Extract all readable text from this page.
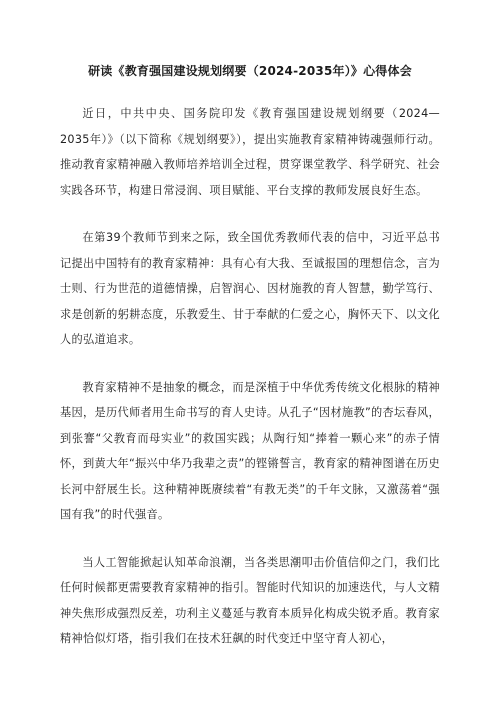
研读《教育强国建设规划纲要（2024-2035年）》心得体会

近日，中共中央、国务院印发《教育强国建设规划纲要（2024—2035年）》（以下简称《规划纲要》），提出实施教育家精神铸魂强师行动。推动教育家精神融入教师培养培训全过程，贯穿课堂教学、科学研究、社会实践各环节，构建日常浸润、项目赋能、平台支撑的教师发展良好生态。

在第39个教师节到来之际，致全国优秀教师代表的信中，习近平总书记提出中国特有的教育家精神：具有心有大我、至诚报国的理想信念，言为士则、行为世范的道德情操，启智润心、因材施教的育人智慧，勤学笃行、求是创新的躬耕态度，乐教爱生、甘于奉献的仁爱之心，胸怀天下、以文化人的弘道追求。

教育家精神不是抽象的概念，而是深植于中华优秀传统文化根脉的精神基因，是历代师者用生命书写的育人史诗。从孔子“因材施教”的杏坛春风，到张謇“父教育而母实业”的救国实践；从陶行知“捧着一颗心来”的赤子情怀，到黄大年“振兴中华乃我辈之责”的铿锵誓言，教育家的精神图谱在历史长河中舒展生长。这种精神既赓续着“有教无类”的千年文脉，又激荡着“强国有我”的时代强音。

当人工智能掀起认知革命浪潮，当各类思潮叩击价值信仰之门，我们比任何时候都更需要教育家精神的指引。智能时代知识的加速迭代，与人文精神失焦形成强烈反差，功利主义蔓延与教育本质异化构成尖锐矛盾。教育家精神恰似灯塔，指引我们在技术狂飙的时代变迁中坚守育人初心，
